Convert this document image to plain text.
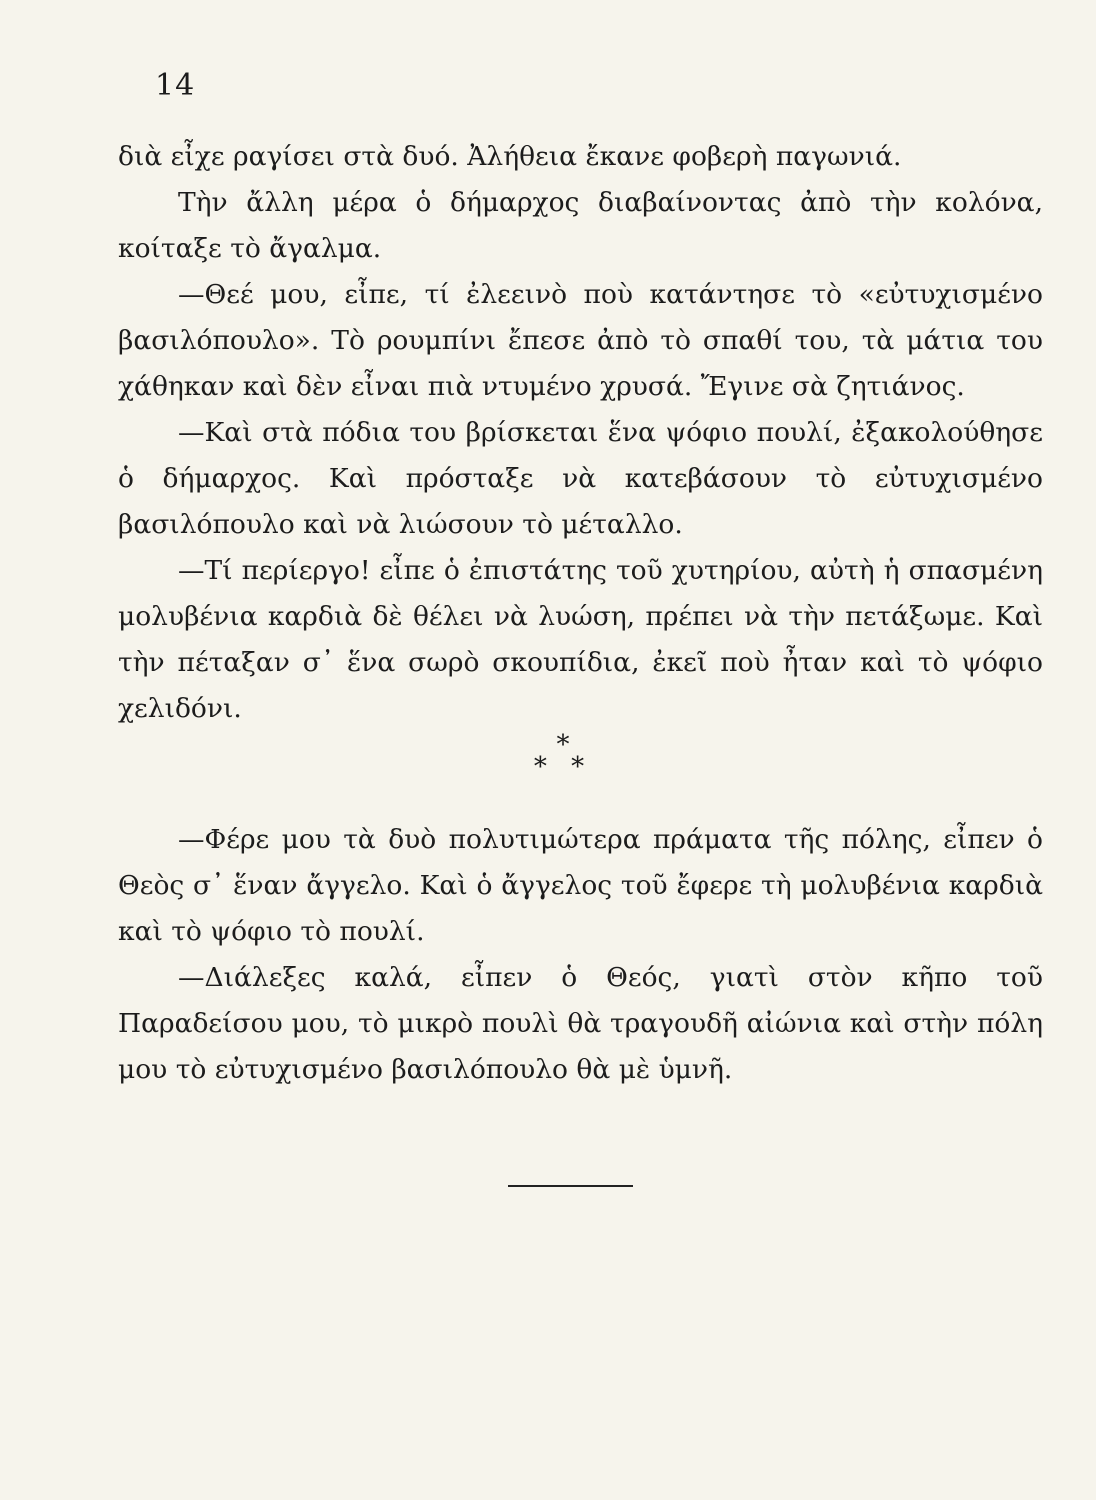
14

διὰ εἶχε ραγίσει στὰ δυό. Ἀλήθεια ἔκανε φοβερὴ παγωνιά.

Τὴν ἄλλη μέρα ὁ δήμαρχος διαβαίνοντας ἀπὸ τὴν κολόνα, κοίταξε τὸ ἄγαλμα.

—Θεέ μου, εἶπε, τί ἐλεεινὸ ποὺ κατάντησε τὸ «εὐτυχισμένο βασιλόπουλο». Τὸ ρουμπίνι ἔπεσε ἀπὸ τὸ σπαθί του, τὰ μάτια του χάθηκαν καὶ δὲν εἶναι πιὰ ντυμένο χρυσά. Ἔγινε σὰ ζητιάνος.

—Καὶ στὰ πόδια του βρίσκεται ἕνα ψόφιο πουλί, ἐξακολούθησε ὁ δήμαρχος. Καὶ πρόσταξε νὰ κατεβάσουν τὸ εὐτυχισμένο βασιλόπουλο καὶ νὰ λιώσουν τὸ μέταλλο.

—Τί περίεργο! εἶπε ὁ ἐπιστάτης τοῦ χυτηρίου, αὐτὴ ἡ σπασμένη μολυβένια καρδιὰ δὲ θέλει νὰ λυώση, πρέπει νὰ τὴν πετάξωμε. Καὶ τὴν πέταξαν σ᾽ ἕνα σωρὸ σκουπίδια, ἐκεῖ ποὺ ἦταν καὶ τὸ ψόφιο χελιδόνι.

*
* *

—Φέρε μου τὰ δυὸ πολυτιμώτερα πράματα τῆς πόλης, εἶπεν ὁ Θεὸς σ᾽ ἕναν ἄγγελο. Καὶ ὁ ἄγγελος τοῦ ἔφερε τὴ μολυβένια καρδιὰ καὶ τὸ ψόφιο τὸ πουλί.

—Διάλεξες καλά, εἶπεν ὁ Θεός, γιατὶ στὸν κῆπο τοῦ Παραδείσου μου, τὸ μικρὸ πουλὶ θὰ τραγουδῆ αἰώνια καὶ στὴν πόλη μου τὸ εὐτυχισμένο βασιλόπουλο θὰ μὲ ὑμνῆ.
